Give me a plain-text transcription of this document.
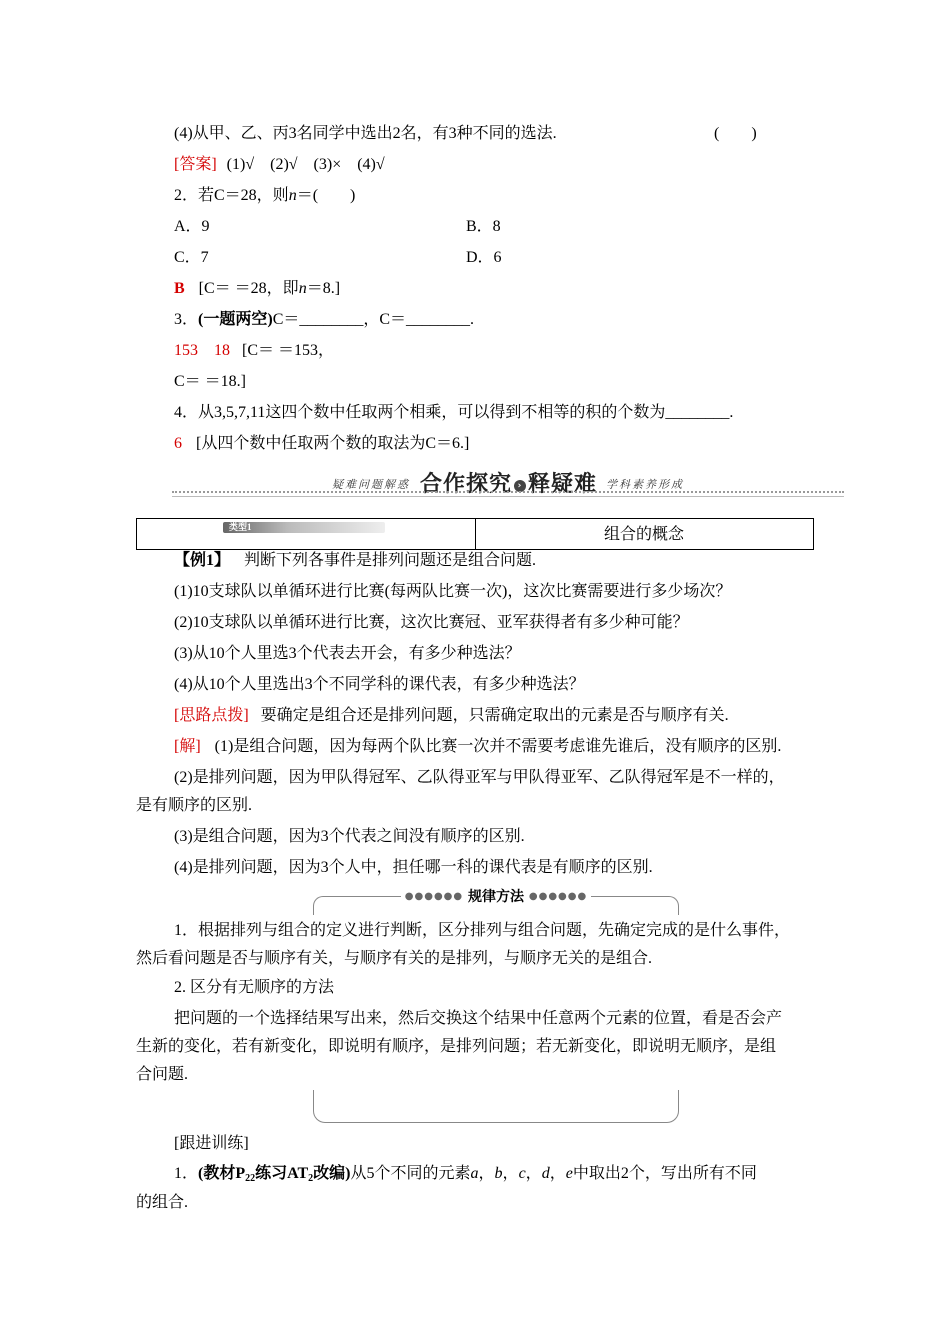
(4)从甲、乙、丙3名同学中选出2名，有3种不同的选法.	(　　)
[答案] (1)√　(2)√　(3)×　(4)√
2．若C＝28，则n＝(　　)
A．9	B．8
C．7	D．6
B [C＝ ＝28，即n＝8.]
3．(一题两空)C＝________，C＝________.
153　18 [C＝ ＝153，
C＝ ＝18.]
4．从3,5,7,11这四个数中任取两个相乘，可以得到不相等的积的个数为________.
6 [从四个数中任取两个数的取法为C＝6.]
疑难问题解惑 合作探究 › 释疑难 学科素养形成
类型1	组合的概念
【例1】 判断下列各事件是排列问题还是组合问题.
(1)10支球队以单循环进行比赛(每两队比赛一次)，这次比赛需要进行多少场次？
(2)10支球队以单循环进行比赛，这次比赛冠、亚军获得者有多少种可能？
(3)从10个人里选3个代表去开会，有多少种选法？
(4)从10个人里选出3个不同学科的课代表，有多少种选法？
[思路点拨] 要确定是组合还是排列问题，只需确定取出的元素是否与顺序有关.
[解] (1)是组合问题，因为每两个队比赛一次并不需要考虑谁先谁后，没有顺序的区别.
(2)是排列问题，因为甲队得冠军、乙队得亚军与甲队得亚军、乙队得冠军是不一样的，
是有顺序的区别.
(3)是组合问题，因为3个代表之间没有顺序的区别.
(4)是排列问题，因为3个人中，担任哪一科的课代表是有顺序的区别.
●●●●●● 规律方法 ●●●●●●
1．根据排列与组合的定义进行判断，区分排列与组合问题，先确定完成的是什么事件，
然后看问题是否与顺序有关，与顺序有关的是排列，与顺序无关的是组合.
2. 区分有无顺序的方法
把问题的一个选择结果写出来，然后交换这个结果中任意两个元素的位置，看是否会产
生新的变化，若有新变化，即说明有顺序，是排列问题；若无新变化，即说明无顺序，是组
合问题.
[跟进训练]
1．(教材$P_{22}$练习$AT_2$改编)从5个不同的元素a，b，c，d，e中取出2个，写出所有不同
的组合.
